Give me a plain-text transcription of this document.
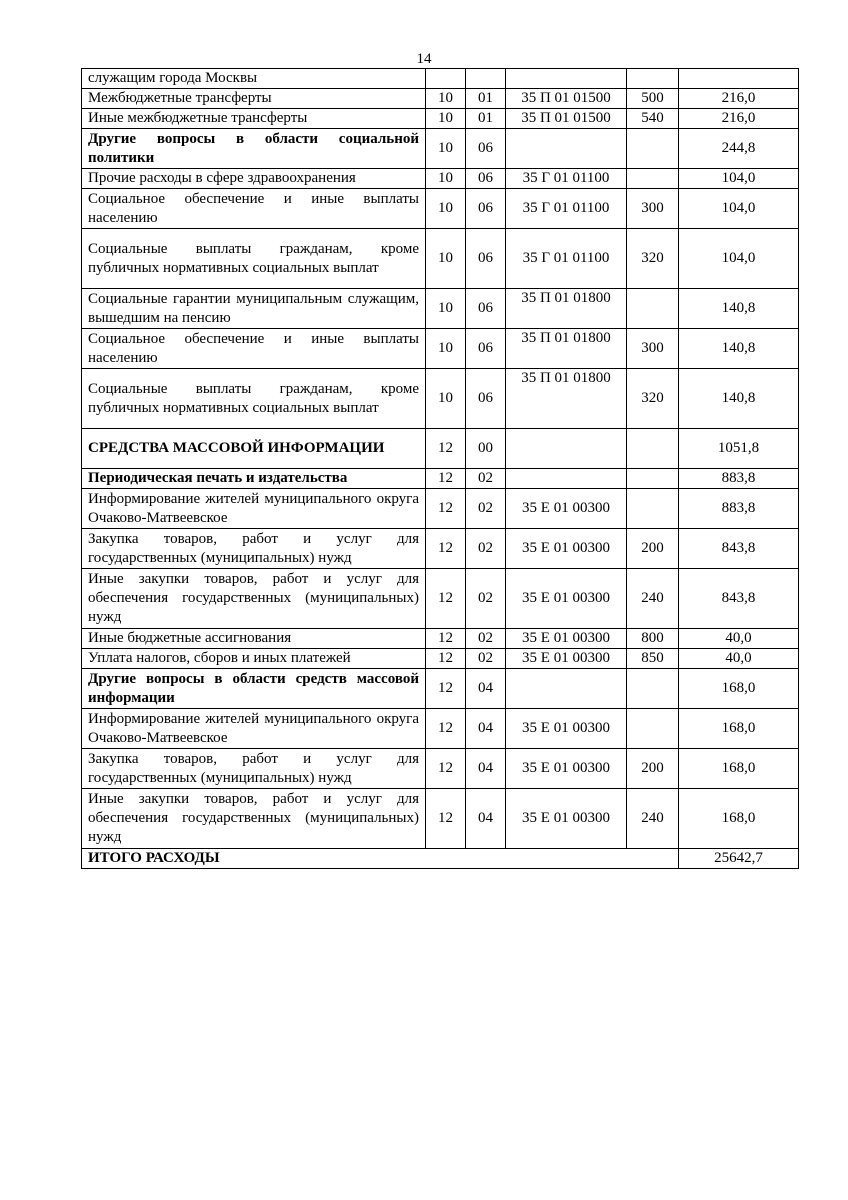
14
служащим города Москвы					
Межбюджетные трансферты	10	01	35 П 01 01500	500	216,0
Иные межбюджетные трансферты	10	01	35 П 01 01500	540	216,0
Другие вопросы в области социальной политики	10	06			244,8
Прочие расходы в сфере здравоохранения	10	06	35 Г 01 01100		104,0
Социальное обеспечение и иные выплаты населению	10	06	35 Г 01 01100	300	104,0
Социальные выплаты гражданам, кроме публичных нормативных социальных выплат	10	06	35 Г 01 01100	320	104,0
Социальные гарантии муниципальным служащим, вышедшим на пенсию	10	06	35 П 01 01800		140,8
Социальное обеспечение и иные выплаты населению	10	06	35 П 01 01800	300	140,8
Социальные выплаты гражданам, кроме публичных нормативных социальных выплат	10	06	35 П 01 01800	320	140,8
СРЕДСТВА МАССОВОЙ ИНФОРМАЦИИ	12	00			1051,8
Периодическая печать и издательства	12	02			883,8
Информирование жителей муниципального округа Очаково-Матвеевское	12	02	35 Е 01 00300		883,8
Закупка товаров, работ и услуг для государственных (муниципальных) нужд	12	02	35 Е 01 00300	200	843,8
Иные закупки товаров, работ и услуг для обеспечения государственных (муниципальных) нужд	12	02	35 Е 01 00300	240	843,8
Иные бюджетные ассигнования	12	02	35 Е 01 00300	800	40,0
Уплата налогов, сборов и иных платежей	12	02	35 Е 01 00300	850	40,0
Другие вопросы в области средств массовой информации	12	04			168,0
Информирование жителей муниципального округа Очаково-Матвеевское	12	04	35 Е 01 00300		168,0
Закупка товаров, работ и услуг для государственных (муниципальных) нужд	12	04	35 Е 01 00300	200	168,0
Иные закупки товаров, работ и услуг для обеспечения государственных (муниципальных) нужд	12	04	35 Е 01 00300	240	168,0
ИТОГО РАСХОДЫ					25642,7
